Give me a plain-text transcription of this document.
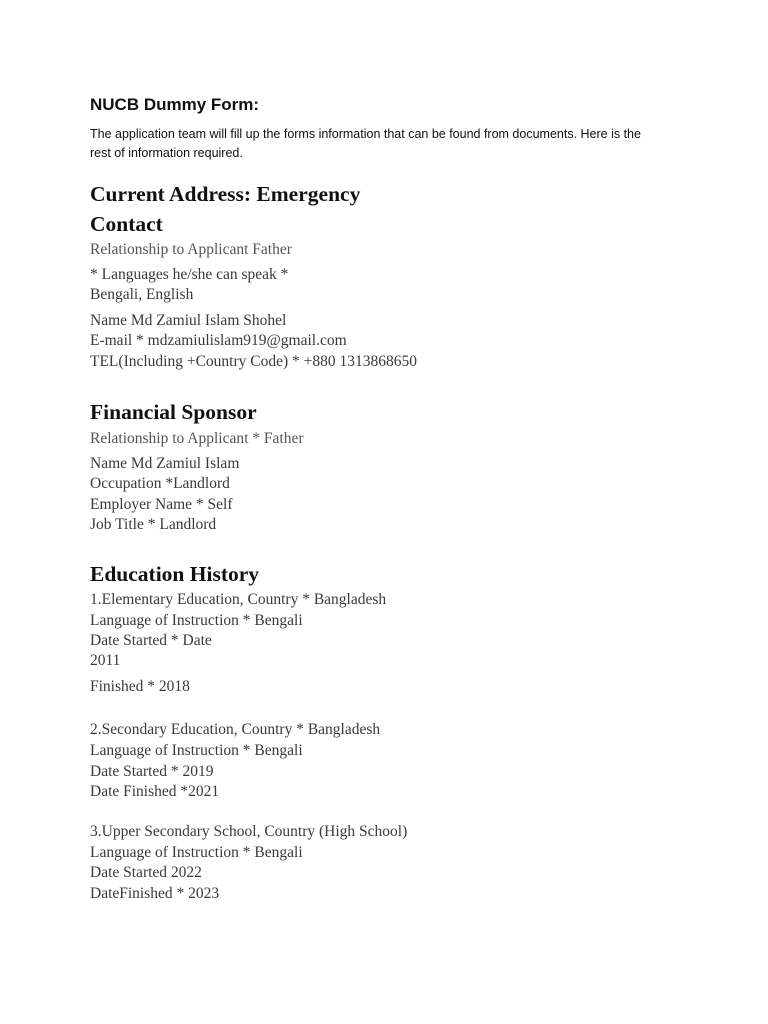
NUCB Dummy Form:

The application team will fill up the forms information that can be found from documents. Here is the
rest of information required.

Current Address: Emergency
Contact

Relationship to Applicant Father

* Languages he/she can speak *

Bengali, English

Name Md Zamiul Islam Shohel

E-mail * mdzamiulislam919@gmail.com

TEL(Including +Country Code) * +880 1313868650

Financial Sponsor

Relationship to Applicant * Father

Name Md Zamiul Islam

Occupation *Landlord

Employer Name * Self

Job Title * Landlord

Education History

1.Elementary Education, Country * Bangladesh

Language of Instruction * Bengali

Date Started * Date

2011

Finished * 2018

2.Secondary Education, Country * Bangladesh

Language of Instruction * Bengali

Date Started * 2019

Date Finished *2021

3.Upper Secondary School, Country (High School)

Language of Instruction * Bengali

Date Started 2022

DateFinished * 2023
